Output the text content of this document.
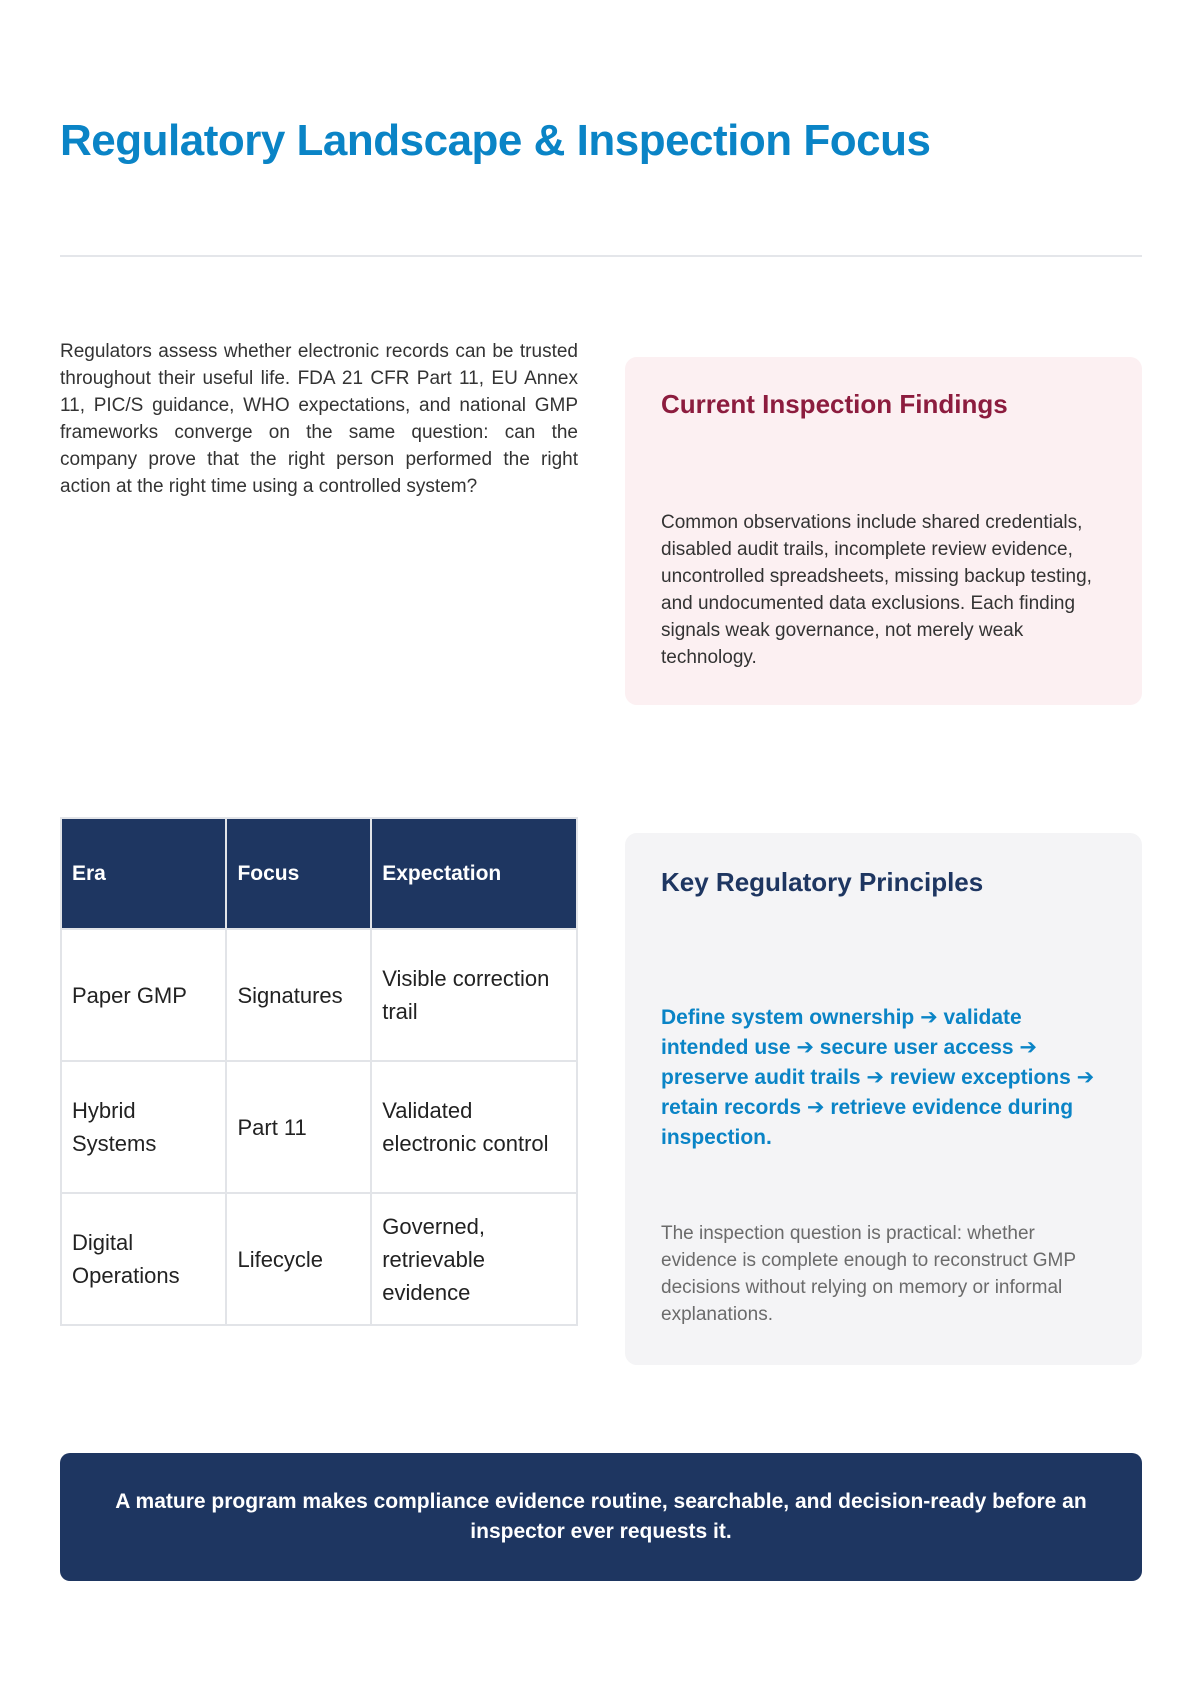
Regulatory Landscape & Inspection Focus

Regulators assess whether electronic records can be trusted throughout their useful life. FDA 21 CFR Part 11, EU Annex 11, PIC/S guidance, WHO expectations, and national GMP frameworks converge on the same question: can the company prove that the right person performed the right action at the right time using a controlled system?

Current Inspection Findings

Common observations include shared credentials, disabled audit trails, incomplete review evidence, uncontrolled spreadsheets, missing backup testing, and undocumented data exclusions. Each finding signals weak governance, not merely weak technology.

Era	Focus	Expectation
Paper GMP	Signatures	Visible correction trail
Hybrid Systems	Part 11	Validated electronic control
Digital Operations	Lifecycle	Governed, retrievable evidence
Key Regulatory Principles

Define system ownership ➔ validate intended use ➔ secure user access ➔ preserve audit trails ➔ review exceptions ➔ retain records ➔ retrieve evidence during inspection.

The inspection question is practical: whether evidence is complete enough to reconstruct GMP decisions without relying on memory or informal explanations.

A mature program makes compliance evidence routine, searchable, and decision-ready before an inspector ever requests it.
